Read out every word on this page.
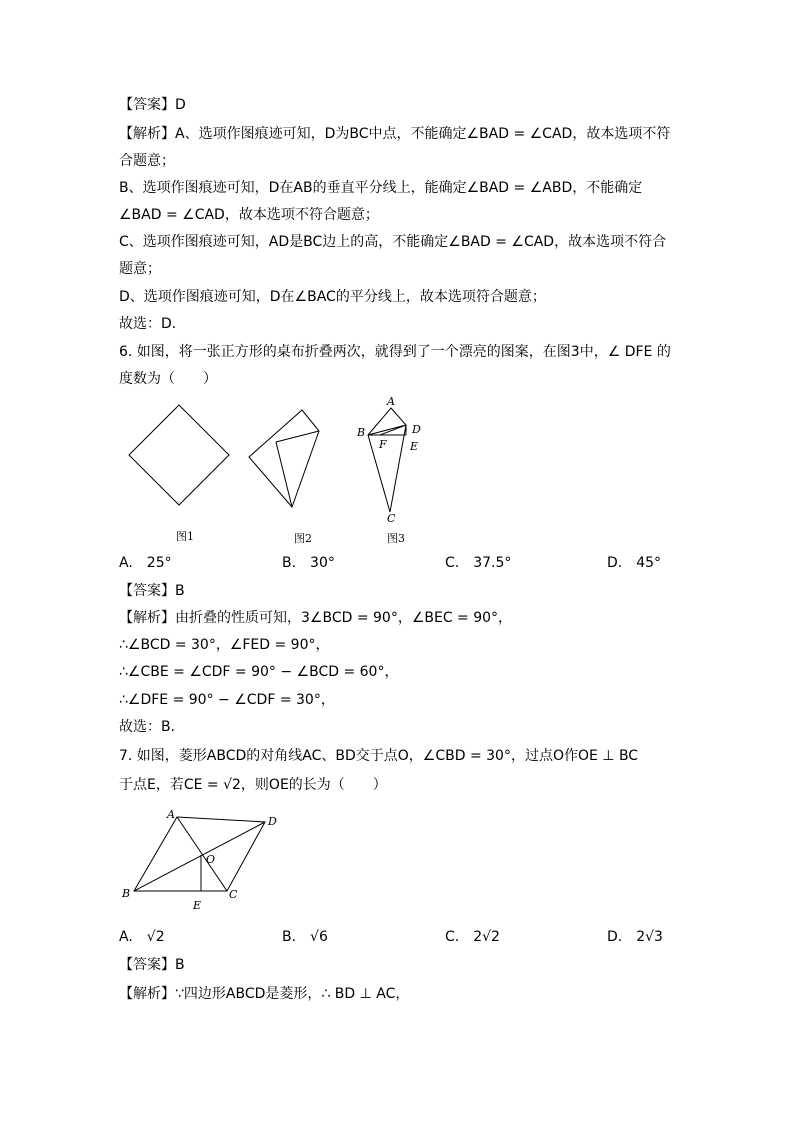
【答案】D
【解析】A、选项作图痕迹可知，D为BC中点，不能确定∠BAD = ∠CAD，故本选项不符
合题意；
B、选项作图痕迹可知，D在AB的垂直平分线上，能确定∠BAD = ∠ABD，不能确定
∠BAD = ∠CAD，故本选项不符合题意；
C、选项作图痕迹可知，AD是BC边上的高，不能确定∠BAD = ∠CAD，故本选项不符合
题意；
D、选项作图痕迹可知，D在∠BAC的平分线上，故本选项符合题意；
故选：D．
6. 如图，将一张正方形的桌布折叠两次，就得到了一个漂亮的图案，在图3中，∠ DFE 的
度数为（　　）
A
B	D
F E
C
图1	图2	图3
A.　25°	B.　30°	C.　37.5°	D.　45°
【答案】B
【解析】由折叠的性质可知，3∠BCD = 90°，∠BEC = 90°，
∴∠BCD = 30°，∠FED = 90°，
∴∠CBE = ∠CDF = 90° − ∠BCD = 60°，
∴∠DFE = 90° − ∠CDF = 30°，
故选：B．
7. 如图，菱形ABCD的对角线AC、BD交于点O，∠CBD = 30°，过点O作OE ⊥ BC
于点E，若CE = √2，则OE的长为（　　）
A
D
O
B
E
C
A.　√2	B.　√6	C.　2√2	D.　2√3
【答案】B
【解析】∵四边形ABCD是菱形，∴ BD ⊥ AC，
